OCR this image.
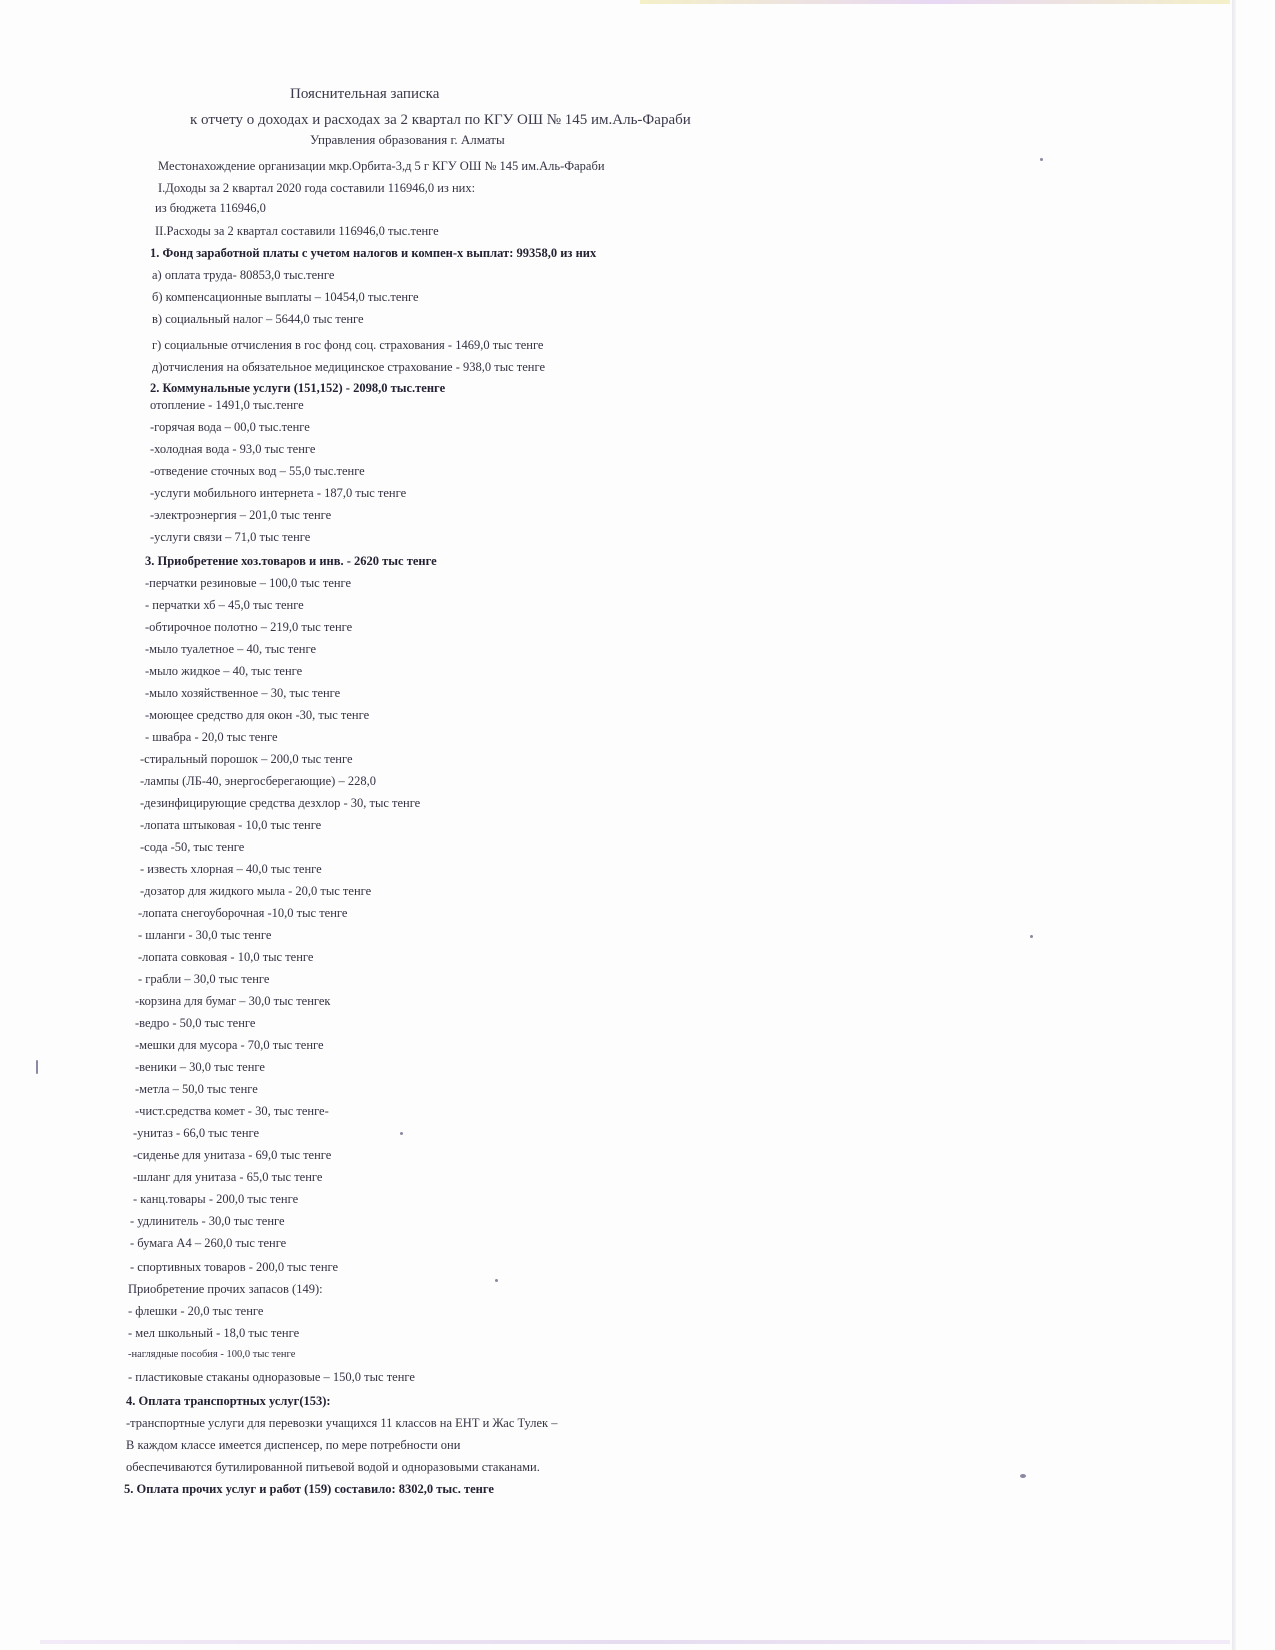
Пояснительная записка
к отчету о доходах и расходах за 2 квартал по КГУ ОШ № 145 им.Аль-Фараби
Управления образования г. Алматы
Местонахождение организации мкр.Орбита-3,д 5 г КГУ ОШ № 145 им.Аль-Фараби
I.Доходы за 2 квартал 2020 года составили 116946,0 из них:
из бюджета 116946,0
II.Расходы за 2 квартал составили 116946,0 тыс.тенге
1. Фонд заработной платы с учетом налогов и компен-х выплат: 99358,0 из них
а) оплата труда- 80853,0 тыс.тенге
б) компенсационные выплаты – 10454,0 тыс.тенге
в) социальный налог – 5644,0 тыс тенге
г) социальные отчисления в гос фонд соц. страхования - 1469,0 тыс тенге
д)отчисления на обязательное медицинское страхование - 938,0 тыс тенге
2. Коммунальные услуги (151,152) - 2098,0 тыс.тенге
отопление - 1491,0 тыс.тенге
-горячая вода – 00,0 тыс.тенге
-холодная вода - 93,0 тыс тенге
-отведение сточных вод – 55,0 тыс.тенге
-услуги мобильного интернета - 187,0 тыс тенге
-электроэнергия – 201,0 тыс тенге
-услуги связи – 71,0 тыс тенге
3. Приобретение хоз.товаров и инв. - 2620 тыс тенге
-перчатки резиновые – 100,0 тыс тенге
- перчатки хб – 45,0 тыс тенге
-обтирочное полотно – 219,0 тыс тенге
-мыло туалетное – 40, тыс тенге
-мыло жидкое – 40, тыс тенге
-мыло хозяйственное – 30, тыс тенге
-моющее средство для окон -30, тыс тенге
- швабра - 20,0 тыс тенге
-стиральный порошок – 200,0 тыс тенге
-лампы (ЛБ-40, энергосберегающие) – 228,0
-дезинфицирующие средства дезхлор - 30, тыс тенге
-лопата штыковая - 10,0 тыс тенге
-сода -50, тыс тенге
- известь хлорная – 40,0 тыс тенге
-дозатор для жидкого мыла - 20,0 тыс тенге
-лопата снегоуборочная -10,0 тыс тенге
- шланги - 30,0 тыс тенге
-лопата совковая - 10,0 тыс тенге
- грабли – 30,0 тыс тенге
-корзина для бумаг – 30,0 тыс тенгек
-ведро - 50,0 тыс тенге
-мешки для мусора - 70,0 тыс тенге
-веники – 30,0 тыс тенге
-метла – 50,0 тыс тенге
-чист.средства комет - 30, тыс тенге-
-унитаз - 66,0 тыс тенге
-сиденье для унитаза - 69,0 тыс тенге
-шланг для унитаза - 65,0 тыс тенге
- канц.товары - 200,0 тыс тенге
- удлинитель - 30,0 тыс тенге
- бумага А4 – 260,0 тыс тенге
- спортивных товаров - 200,0 тыс тенге
Приобретение прочих запасов (149):
- флешки - 20,0 тыс тенге
- мел школьный - 18,0 тыс тенге
-наглядные пособия - 100,0 тыс тенге
- пластиковые стаканы одноразовые – 150,0 тыс тенге
4. Оплата транспортных услуг(153):
-транспортные услуги для перевозки учащихся 11 классов на ЕНТ и Жас Тулек –
В каждом классе имеется диспенсер, по мере потребности они
обеспечиваются бутилированной питьевой водой и одноразовыми стаканами.
5. Оплата прочих услуг и работ (159) составило: 8302,0 тыс. тенге
